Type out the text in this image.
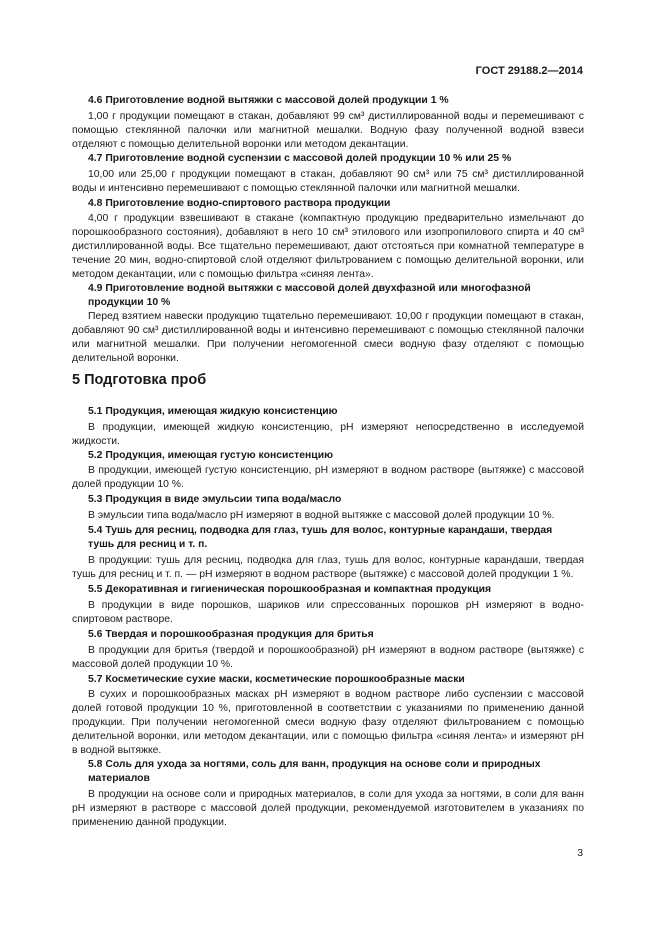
ГОСТ 29188.2—2014
4.6 Приготовление водной вытяжки с массовой долей продукции 1 %
1,00 г продукции помещают в стакан, добавляют 99 см³ дистиллированной воды и перемешивают с помощью стеклянной палочки или магнитной мешалки. Водную фазу полученной водной взвеси отделяют с помощью делительной воронки или методом декантации.
4.7 Приготовление водной суспензии с массовой долей продукции 10 % или 25 %
10,00 или 25,00 г продукции помещают в стакан, добавляют 90 см³ или 75 см³ дистиллированной воды и интенсивно перемешивают с помощью стеклянной палочки или магнитной мешалки.
4.8 Приготовление водно-спиртового раствора продукции
4,00 г продукции взвешивают в стакане (компактную продукцию предварительно измельчают до порошкообразного состояния), добавляют в него 10 см³ этилового или изопропилового спирта и 40 см³ дистиллированной воды. Все тщательно перемешивают, дают отстояться при комнатной температуре в течение 20 мин, водно-спиртовой слой отделяют фильтрованием с помощью делительной воронки, или методом декантации, или с помощью фильтра «синяя лента».
4.9 Приготовление водной вытяжки с массовой долей двухфазной или многофазной продукции 10 %
Перед взятием навески продукцию тщательно перемешивают. 10,00 г продукции помещают в стакан, добавляют 90 см³ дистиллированной воды и интенсивно перемешивают с помощью стеклянной палочки или магнитной мешалки. При получении негомогенной смеси водную фазу отделяют с помощью делительной воронки.
5 Подготовка проб
5.1 Продукция, имеющая жидкую консистенцию
В продукции, имеющей жидкую консистенцию, pH измеряют непосредственно в исследуемой жидкости.
5.2 Продукция, имеющая густую консистенцию
В продукции, имеющей густую консистенцию, pH измеряют в водном растворе (вытяжке) с массовой долей продукции 10 %.
5.3 Продукция в виде эмульсии типа вода/масло
В эмульсии типа вода/масло pH измеряют в водной вытяжке с массовой долей продукции 10 %.
5.4 Тушь для ресниц, подводка для глаз, тушь для волос, контурные карандаши, твердая тушь для ресниц и т. п.
В продукции: тушь для ресниц, подводка для глаз, тушь для волос, контурные карандаши, твердая тушь для ресниц и т. п. — pH измеряют в водном растворе (вытяжке) с массовой долей продукции 1 %.
5.5 Декоративная и гигиеническая порошкообразная и компактная продукция
В продукции в виде порошков, шариков или спрессованных порошков pH измеряют в водно-спиртовом растворе.
5.6 Твердая и порошкообразная продукция для бритья
В продукции для бритья (твердой и порошкообразной) pH измеряют в водном растворе (вытяжке) с массовой долей продукции 10 %.
5.7 Косметические сухие маски, косметические порошкообразные маски
В сухих и порошкообразных масках pH измеряют в водном растворе либо суспензии с массовой долей готовой продукции 10 %, приготовленной в соответствии с указаниями по применению данной продукции. При получении негомогенной смеси водную фазу отделяют фильтрованием с помощью делительной воронки, или методом декантации, или с помощью фильтра «синяя лента» и измеряют pH в водной вытяжке.
5.8 Соль для ухода за ногтями, соль для ванн, продукция на основе соли и природных материалов
В продукции на основе соли и природных материалов, в соли для ухода за ногтями, в соли для ванн pH измеряют в растворе с массовой долей продукции, рекомендуемой изготовителем в указаниях по применению данной продукции.
3
